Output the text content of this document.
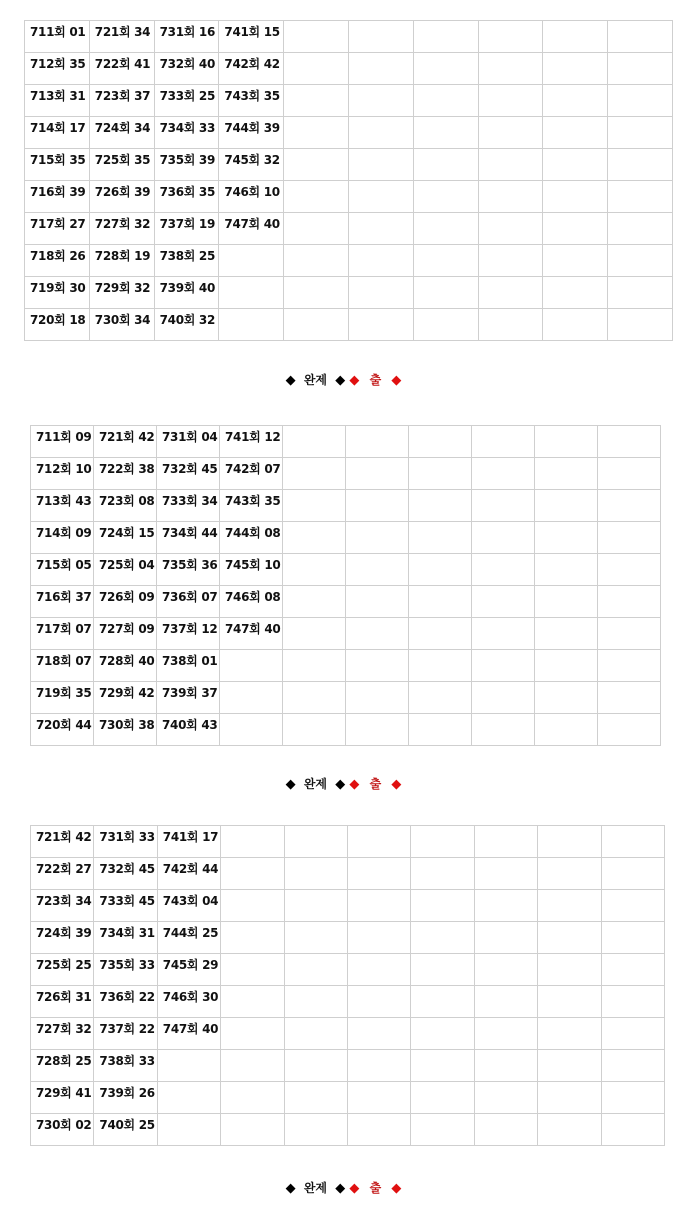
711회 01	721회 34	731회 16	741회 15						
712회 35	722회 41	732회 40	742회 42						
713회 31	723회 37	733회 25	743회 35						
714회 17	724회 34	734회 33	744회 39						
715회 35	725회 35	735회 39	745회 32						
716회 39	726회 39	736회 35	746회 10						
717회 27	727회 32	737회 19	747회 40						
718회 26	728회 19	738회 25							
719회 30	729회 32	739회 40							
720회 18	730회 34	740회 32							
◆ 완제 ◆ ◆ 출 ◆
711회 09	721회 42	731회 04	741회 12						
712회 10	722회 38	732회 45	742회 07						
713회 43	723회 08	733회 34	743회 35						
714회 09	724회 15	734회 44	744회 08						
715회 05	725회 04	735회 36	745회 10						
716회 37	726회 09	736회 07	746회 08						
717회 07	727회 09	737회 12	747회 40						
718회 07	728회 40	738회 01							
719회 35	729회 42	739회 37							
720회 44	730회 38	740회 43							
◆ 완제 ◆ ◆ 출 ◆
721회 42	731회 33	741회 17							
722회 27	732회 45	742회 44							
723회 34	733회 45	743회 04							
724회 39	734회 31	744회 25							
725회 25	735회 33	745회 29							
726회 31	736회 22	746회 30							
727회 32	737회 22	747회 40							
728회 25	738회 33								
729회 41	739회 26								
730회 02	740회 25								
◆ 완제 ◆ ◆ 출 ◆
